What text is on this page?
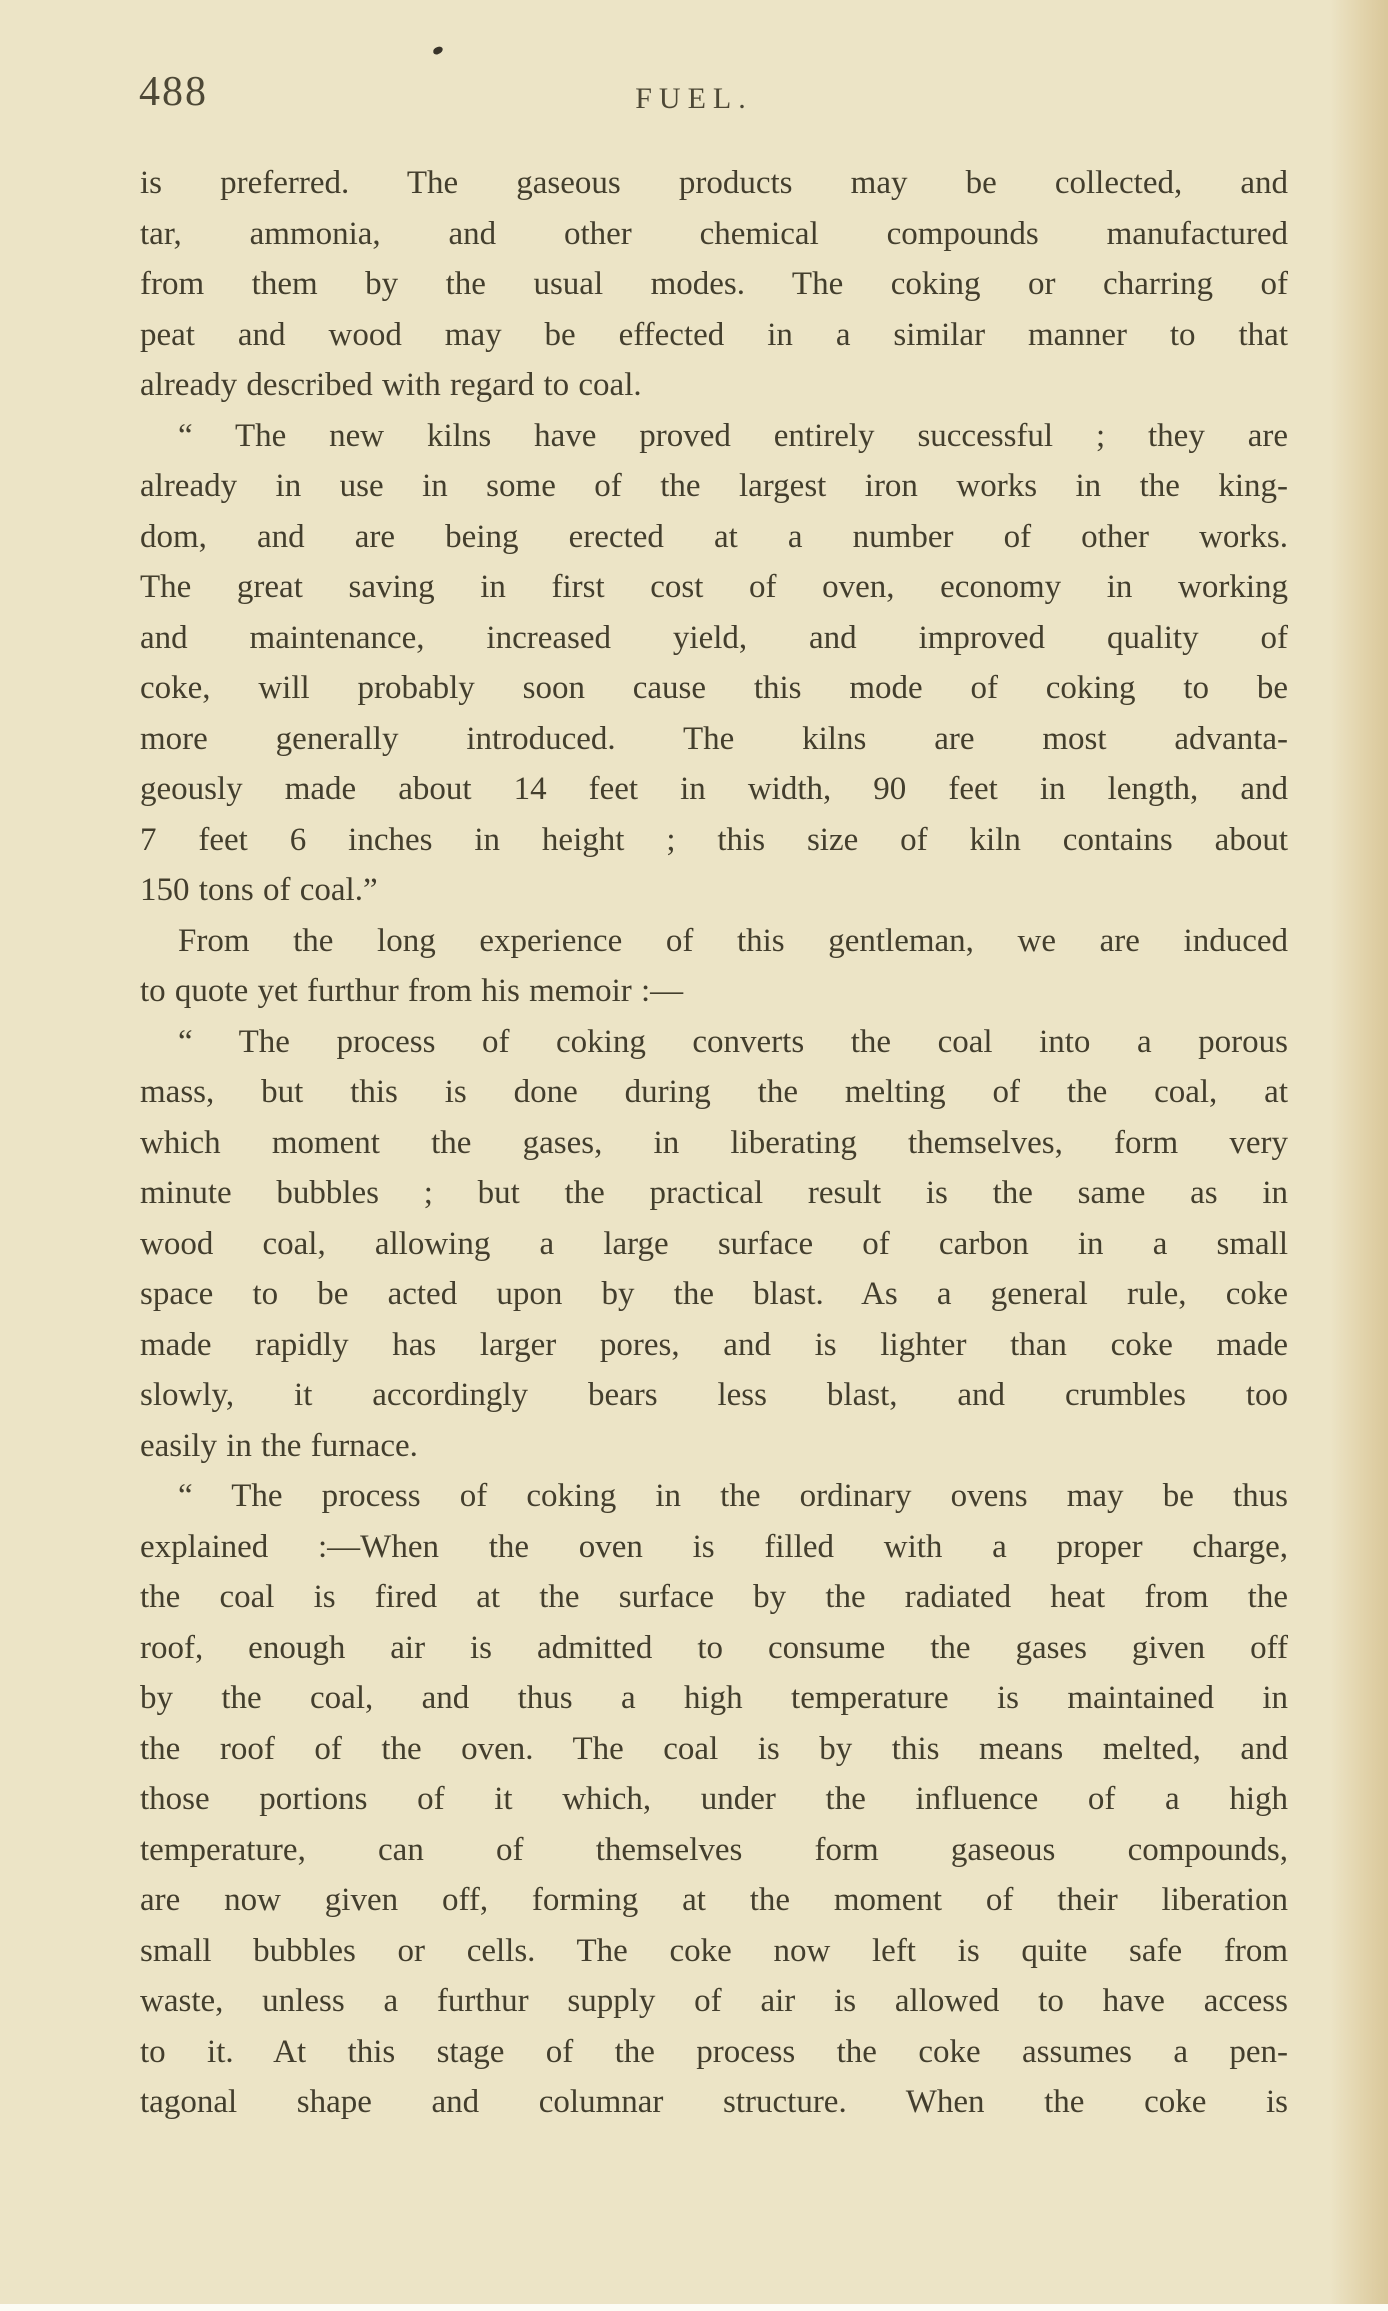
488	FUEL.
is preferred. The gaseous products may be collected, and
tar, ammonia, and other chemical compounds manufactured
from them by the usual modes. The coking or charring of
peat and wood may be effected in a similar manner to that
already described with regard to coal.
“ The new kilns have proved entirely successful ; they are
already in use in some of the largest iron works in the king-
dom, and are being erected at a number of other works.
The great saving in first cost of oven, economy in working
and maintenance, increased yield, and improved quality of
coke, will probably soon cause this mode of coking to be
more generally introduced. The kilns are most advanta-
geously made about 14 feet in width, 90 feet in length, and
7 feet 6 inches in height ; this size of kiln contains about
150 tons of coal.”
From the long experience of this gentleman, we are induced
to quote yet furthur from his memoir :—
“ The process of coking converts the coal into a porous
mass, but this is done during the melting of the coal, at
which moment the gases, in liberating themselves, form very
minute bubbles ; but the practical result is the same as in
wood coal, allowing a large surface of carbon in a small
space to be acted upon by the blast. As a general rule, coke
made rapidly has larger pores, and is lighter than coke made
slowly, it accordingly bears less blast, and crumbles too
easily in the furnace.
“ The process of coking in the ordinary ovens may be thus
explained :—When the oven is filled with a proper charge,
the coal is fired at the surface by the radiated heat from the
roof, enough air is admitted to consume the gases given off
by the coal, and thus a high temperature is maintained in
the roof of the oven. The coal is by this means melted, and
those portions of it which, under the influence of a high
temperature, can of themselves form gaseous compounds,
are now given off, forming at the moment of their liberation
small bubbles or cells. The coke now left is quite safe from
waste, unless a furthur supply of air is allowed to have access
to it. At this stage of the process the coke assumes a pen-
tagonal shape and columnar structure. When the coke is
